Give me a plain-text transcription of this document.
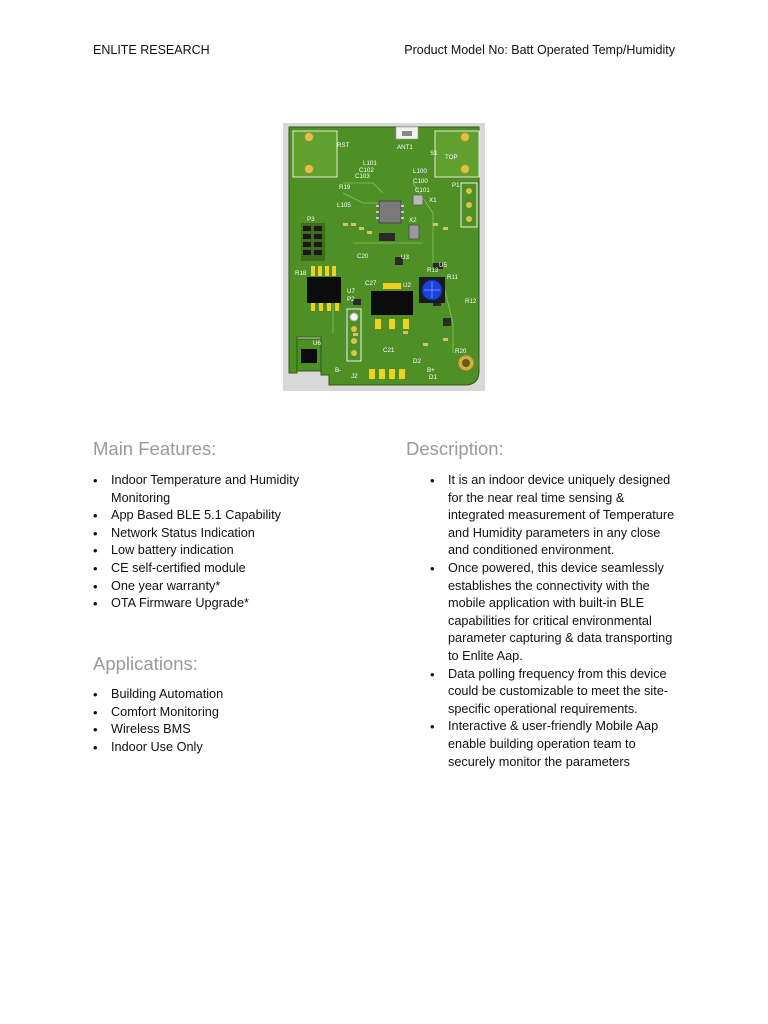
ENLITE RESEARCH	Product Model No: Batt Operated Temp/Humidity
RST
TOP
ANT1
S1
P1
P3
X1
X2
U2
U3
U5
U6
U7
C27
C21
C20
J2
P2
R19
R13
R20
R18
L100
L101
L105
C100
C101
C102
C103
R11
R12
D1
D2
B-	B+
Main Features:
• Indoor Temperature and Humidity Monitoring
• App Based BLE 5.1 Capability
• Network Status Indication
• Low battery indication
• CE self-certified module
• One year warranty*
• OTA Firmware Upgrade*
Applications:
• Building Automation
• Comfort Monitoring
• Wireless BMS
• Indoor Use Only
Description:
• It is an indoor device uniquely designed for the near real time sensing & integrated measurement of Temperature and Humidity parameters in any close and conditioned environment.
• Once powered, this device seamlessly establishes the connectivity with the mobile application with built-in BLE capabilities for critical environmental parameter capturing & data transporting to Enlite Aap.
• Data polling frequency from this device could be customizable to meet the site-specific operational requirements.
• Interactive & user-friendly Mobile Aap enable building operation team to securely monitor the parameters
